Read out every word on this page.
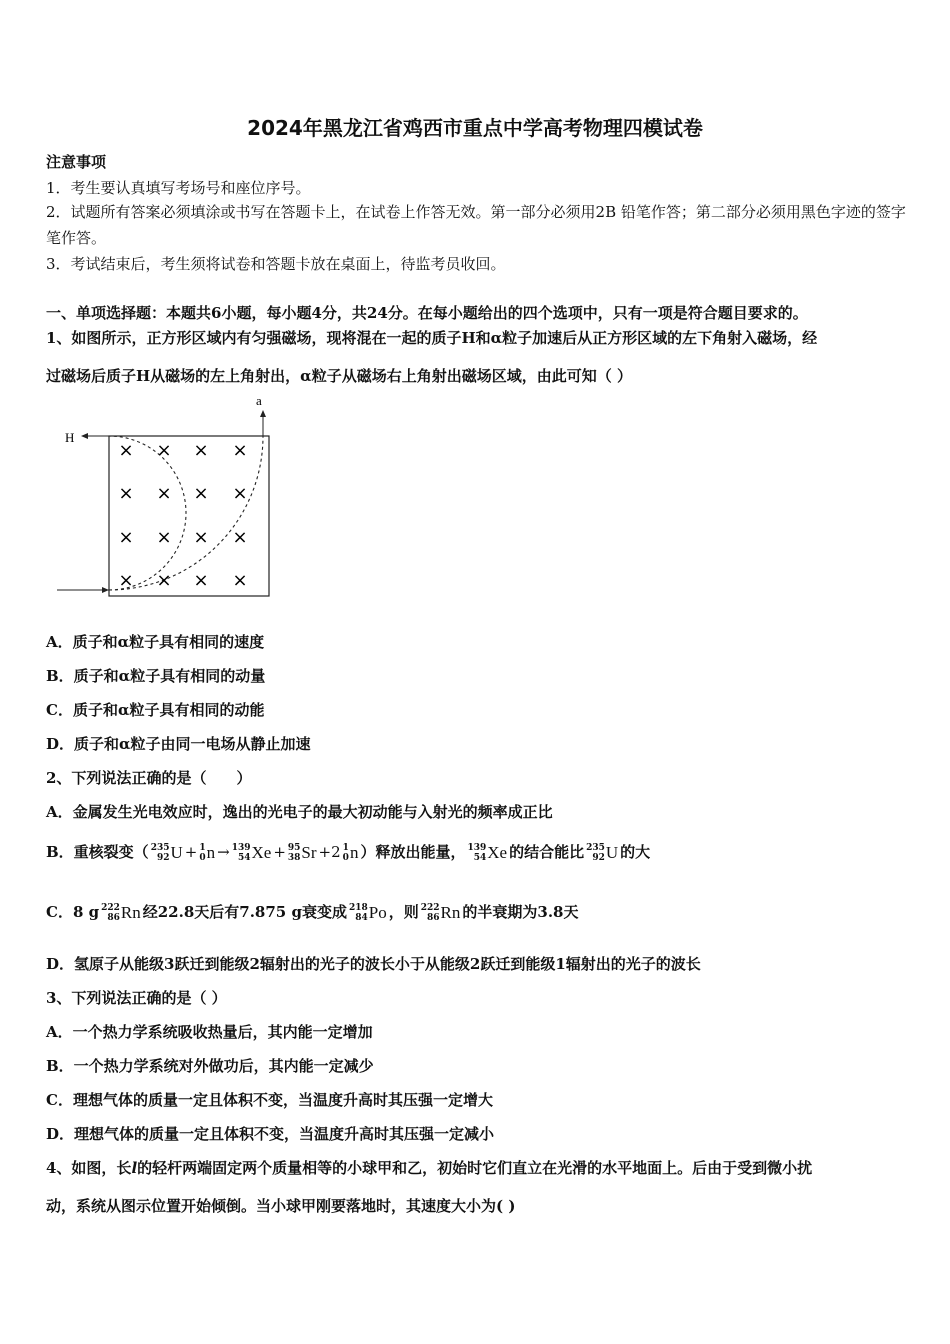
2024年黑龙江省鸡西市重点中学高考物理四模试卷
注意事项
1．考生要认真填写考场号和座位序号。
2．试题所有答案必须填涂或书写在答题卡上，在试卷上作答无效。第一部分必须用2B 铅笔作答；第二部分必须用黑色字迹的签字笔作答。
3．考试结束后，考生须将试卷和答题卡放在桌面上，待监考员收回。
一、单项选择题：本题共6小题，每小题4分，共24分。在每小题给出的四个选项中，只有一项是符合题目要求的。
1、如图所示，正方形区域内有匀强磁场，现将混在一起的质子H和α粒子加速后从正方形区域的左下角射入磁场，经
过磁场后质子H从磁场的左上角射出，α粒子从磁场右上角射出磁场区域，由此可知（ ）
H
a
× × × ×
× × × ×
× × × ×
× × × ×
A．质子和α粒子具有相同的速度
B．质子和α粒子具有相同的动量
C．质子和α粒子具有相同的动能
D．质子和α粒子由同一电场从静止加速
2、下列说法正确的是（　　）
A．金属发生光电效应时，逸出的光电子的最大初动能与入射光的频率成正比
B．重核裂变（ 235
92 U + 1
0 n → 139
54 Xe + 95
38 Sr +2 1
0 n ）释放出能量， 139
54 Xe 的结合能比 235
92 U 的大
C．8 g 222
86 Rn 经22.8天后有7.875 g衰变成 218
84 Po ，则 222
86 Rn 的半衰期为3.8天
D．氢原子从能级3跃迁到能级2辐射出的光子的波长小于从能级2跃迁到能级1辐射出的光子的波长
3、下列说法正确的是（ ）
A．一个热力学系统吸收热量后，其内能一定增加
B．一个热力学系统对外做功后，其内能一定减少
C．理想气体的质量一定且体积不变，当温度升高时其压强一定增大
D．理想气体的质量一定且体积不变，当温度升高时其压强一定减小
4、如图，长l的轻杆两端固定两个质量相等的小球甲和乙，初始时它们直立在光滑的水平地面上。后由于受到微小扰
动，系统从图示位置开始倾倒。当小球甲刚要落地时，其速度大小为( )
